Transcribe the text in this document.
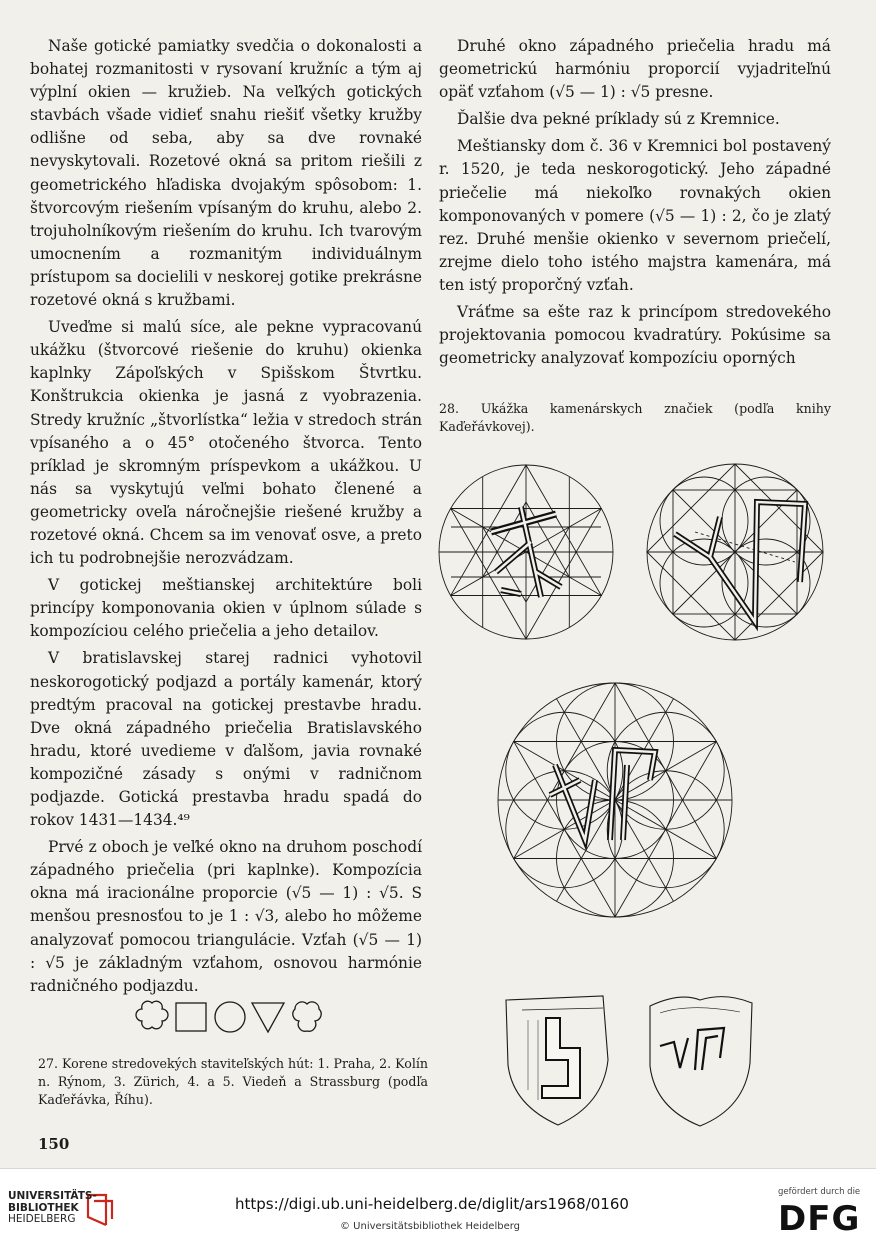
Naše gotické pamiatky svedčia o dokonalosti a bohatej rozmanitosti v rysovaní kružníc a tým aj výplní okien — kružieb. Na veľkých gotických stavbách všade vidieť snahu riešiť všetky kružby odlišne od seba, aby sa dve rovnaké nevyskytovali. Rozetové okná sa pritom riešili z geometrického hľadiska dvojakým spôsobom: 1. štvorcovým riešením vpísaným do kruhu, alebo 2. trojuholníkovým riešením do kruhu. Ich tvarovým umocnením a rozmanitým individuálnym prístupom sa docielili v neskorej gotike prekrásne rozetové okná s kružbami.

Uveďme si malú síce, ale pekne vypracovanú ukážku (štvorcové riešenie do kruhu) okienka kaplnky Zápoľských v Spišskom Štvrtku. Konštrukcia okienka je jasná z vyobrazenia. Stredy kružníc „štvorlístka“ ležia v stredoch strán vpísaného a o 45° otočeného štvorca. Tento príklad je skromným príspevkom a ukážkou. U nás sa vyskytujú veľmi bohato členené a geometricky oveľa náročnejšie riešené kružby a rozetové okná. Chcem sa im venovať osve, a preto ich tu podrobnejšie nerozvádzam.

V gotickej meštianskej architektúre boli princípy komponovania okien v úplnom súlade s kompozíciou celého priečelia a jeho detailov.

V bratislavskej starej radnici vyhotovil neskorogotický podjazd a portály kamenár, ktorý predtým pracoval na gotickej prestavbe hradu. Dve okná západného priečelia Bratislavského hradu, ktoré uvedieme v ďalšom, javia rovnaké kompozičné zásady s onými v radničnom podjazde. Gotická prestavba hradu spadá do rokov 1431—1434.⁴⁹

Prvé z oboch je veľké okno na druhom poschodí západného priečelia (pri kaplnke). Kompozícia okna má iracionálne proporcie (√5 — 1) : √5. S menšou presnosťou to je 1 : √3, alebo ho môžeme analyzovať pomocou triangulácie. Vzťah (√5 — 1) : √5 je základným vzťahom, osnovou harmónie radničného podjazdu.

Druhé okno západného priečelia hradu má geometrickú harmóniu proporcií vyjadriteľnú opäť vzťahom (√5 — 1) : √5 presne.

Ďalšie dva pekné príklady sú z Kremnice.

Meštiansky dom č. 36 v Kremnici bol postavený r. 1520, je teda neskorogotický. Jeho západné priečelie má niekoľko rovnakých okien komponovaných v pomere (√5 — 1) : 2, čo je zlatý rez. Druhé menšie okienko v severnom priečelí, zrejme dielo toho istého majstra kamenára, má ten istý proporčný vzťah.

Vráťme sa ešte raz k princípom stredovekého projektovania pomocou kvadratúry. Pokúsime sa geometricky analyzovať kompozíciu oporných

28. Ukážka kamenárskych značiek (podľa knihy Kaďeřávkovej).
27. Korene stredovekých staviteľských hút: 1. Praha, 2. Kolín n. Rýnom, 3. Zürich, 4. a 5. Viedeň a Strassburg (podľa Kaďeřávka, Říhu).
150
UNIVERSITÄTS-
BIBLIOTHEK
HEIDELBERG
https://digi.ub.uni-heidelberg.de/diglit/ars1968/0160
© Universitätsbibliothek Heidelberg
gefördert durch die
DFG
